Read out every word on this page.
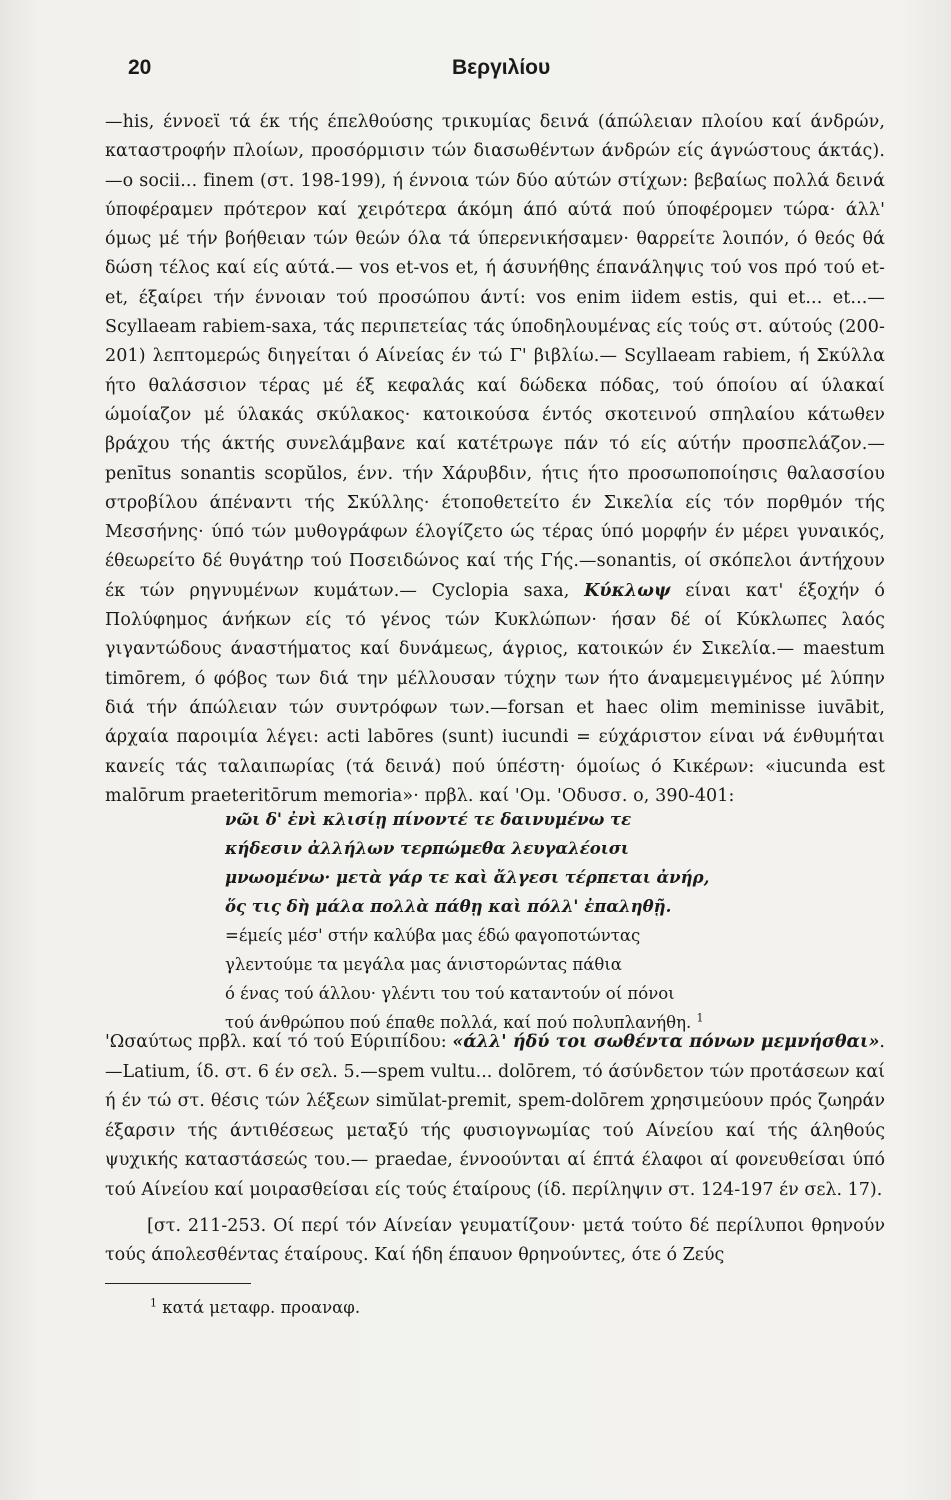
20	Βεργιλίου

—his, έννοεϊ τά έκ τής έπελθούσης τρικυμίας δεινά (άπώλειαν πλοίου καί άνδρών, καταστροφήν πλοίων, προσόρμισιν τών διασωθέντων άνδρών είς άγνώστους άκτάς).—o socii... finem (στ. 198-199), ή έννοια τών δύο αύτών στίχων: βεβαίως πολλά δεινά ύποφέραμεν πρότερον καί χειρότερα άκόμη άπό αύτά πού ύποφέρομεν τώρα· άλλ' όμως μέ τήν βοήθειαν τών θεών όλα τά ύπερενικήσαμεν· θαρρείτε λοιπόν, ό θεός θά δώση τέλος καί είς αύτά.— vos et-vos et, ή άσυνήθης έπανάληψις τού vos πρό τού et-et, έξαίρει τήν έννοιαν τού προσώπου άντί: vos enim iidem estis, qui et... et...—Scyllaeam rabiem-saxa, τάς περιπετείας τάς ύποδηλουμένας είς τούς στ. αύτούς (200-201) λεπτομερώς διηγείται ό Αίνείας έν τώ Γ' βιβλίω.— Scyllaeam rabiem, ή Σκύλλα ήτο θαλάσσιον τέρας μέ έξ κεφαλάς καί δώδεκα πόδας, τού όποίου αί ύλακαί ώμοίαζον μέ ύλακάς σκύλακος· κατοικούσα έντός σκοτεινού σπηλαίου κάτωθεν βράχου τής άκτής συνελάμβανε καί κατέτρωγε πάν τό είς αύτήν προσπελάζον.—penītus sonantis scopŭlos, ένν. τήν Χάρυβδιν, ήτις ήτο προσωποποίησις θαλασσίου στροβίλου άπέναντι τής Σκύλλης· έτοποθετείτο έν Σικελία είς τόν πορθμόν τής Μεσσήνης· ύπό τών μυθογράφων έλογίζετο ώς τέρας ύπό μορφήν έν μέρει γυναικός, έθεωρείτο δέ θυγάτηρ τού Ποσειδώνος καί τής Γής.—sonantis, οί σκόπελοι άντήχουν έκ τών ρηγνυμένων κυμάτων.— Cyclopia saxa, Κύκλωψ είναι κατ' έξοχήν ό Πολύφημος άνήκων είς τό γένος τών Κυκλώπων· ήσαν δέ οί Κύκλωπες λαός γιγαντώδους άναστήματος καί δυνάμεως, άγριος, κατοικών έν Σικελία.— maestum timōrem, ό φόβος των διά την μέλλουσαν τύχην των ήτο άναμεμειγμένος μέ λύπην διά τήν άπώλειαν τών συντρόφων των.—forsan et haec olim meminisse iuvābit, άρχαία παροιμία λέγει: acti labōres (sunt) iucundi = εύχάριστον είναι νά ένθυμήται κανείς τάς ταλαιπωρίας (τά δεινά) πού ύπέστη· όμοίως ό Κικέρων: «iucunda est malōrum praeteritōrum memoria»· πρβλ. καί 'Ομ. 'Οδυσσ. ο, 390-401:

νῶι δ' ἐνὶ κλισίῃ πίνοντέ τε δαινυμένω τε

κήδεσιν ἀλλήλων τερπώμεθα λευγαλέοισι

μνωομένω· μετὰ γάρ τε καὶ ἄλγεσι τέρπεται ἀνήρ,

ὅς τις δὴ μάλα πολλὰ πάθῃ καὶ πόλλ' ἐπαληθῇ.

=έμείς μέσ' στήν καλύβα μας έδώ φαγοποτώντας

γλεντούμε τα μεγάλα μας άνιστορώντας πάθια

ό ένας τού άλλου· γλέντι του τού καταντούν οί πόνοι

τού άνθρώπου πού έπαθε πολλά, καί πού πολυπλανήθη. $^1$

'Ωσαύτως πρβλ. καί τό τού Εύριπίδου: «άλλ' ήδύ τοι σωθέντα πόνων μεμνήσθαι».—Latium, ίδ. στ. 6 έν σελ. 5.—spem vultu... dolōrem, τό άσύνδετον τών προτάσεων καί ή έν τώ στ. θέσις τών λέξεων simŭlat-premit, spem-dolōrem χρησιμεύουν πρός ζωηράν έξαρσιν τής άντιθέσεως μεταξύ τής φυσιογνωμίας τού Αίνείου καί τής άληθούς ψυχικής καταστάσεώς του.— praedae, έννοούνται αί έπτά έλαφοι αί φονευθείσαι ύπό τού Αίνείου καί μοιρασθείσαι είς τούς έταίρους (ίδ. περίληψιν στ. 124-197 έν σελ. 17).

[στ. 211-253. Οί περί τόν Αίνείαν γευματίζουν· μετά τούτο δέ περίλυποι θρηνούν τούς άπολεσθέντας έταίρους. Καί ήδη έπαυον θρηνούντες, ότε ό Ζεύς

$^1$ κατά μεταφρ. προαναφ.
